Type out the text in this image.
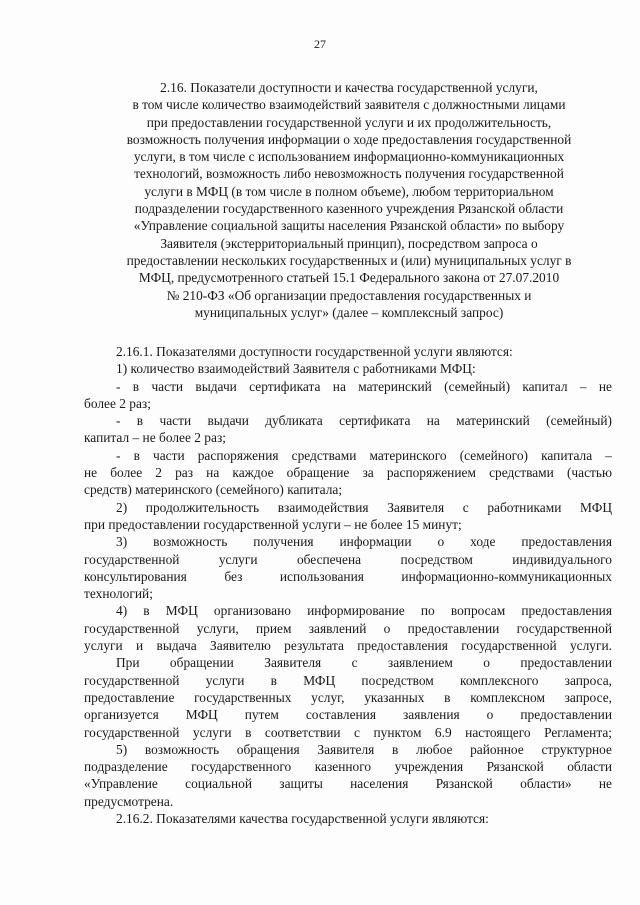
27
2.16. Показатели доступности и качества государственной услуги,
в том числе количество взаимодействий заявителя с должностными лицами
при предоставлении государственной услуги и их продолжительность,
возможность получения информации о ходе предоставления государственной
услуги, в том числе с использованием информационно-коммуникационных
технологий, возможность либо невозможность получения государственной
услуги в МФЦ (в том числе в полном объеме), любом территориальном
подразделении государственного казенного учреждения Рязанской области
«Управление социальной защиты населения Рязанской области» по выбору
Заявителя (экстерриториальный принцип), посредством запроса о
предоставлении нескольких государственных и (или) муниципальных услуг в
МФЦ, предусмотренного статьей 15.1 Федерального закона от 27.07.2010
№ 210-ФЗ «Об организации предоставления государственных и
муниципальных услуг» (далее – комплексный запрос)
2.16.1. Показателями доступности государственной услуги являются:
1) количество взаимодействий Заявителя с работниками МФЦ:
- в части выдачи сертификата на материнский (семейный) капитал – не
более 2 раз;
- в части выдачи дубликата сертификата на материнский (семейный)
капитал – не более 2 раз;
- в части распоряжения средствами материнского (семейного) капитала –
не более 2 раз на каждое обращение за распоряжением средствами (частью
средств) материнского (семейного) капитала;
2) продолжительность взаимодействия Заявителя с работниками МФЦ
при предоставлении государственной услуги – не более 15 минут;
3) возможность получения информации о ходе предоставления
государственной услуги обеспечена посредством индивидуального
консультирования без использования информационно-коммуникационных
технологий;
4) в МФЦ организовано информирование по вопросам предоставления
государственной услуги, прием заявлений о предоставлении государственной
услуги и выдача Заявителю результата предоставления государственной услуги.
При обращении Заявителя с заявлением о предоставлении
государственной услуги в МФЦ посредством комплексного запроса,
предоставление государственных услуг, указанных в комплексном запросе,
организуется МФЦ путем составления заявления о предоставлении
государственной услуги в соответствии с пунктом 6.9 настоящего Регламента;
5) возможность обращения Заявителя в любое районное структурное
подразделение государственного казенного учреждения Рязанской области
«Управление социальной защиты населения Рязанской области» не
предусмотрена.
2.16.2. Показателями качества государственной услуги являются:
